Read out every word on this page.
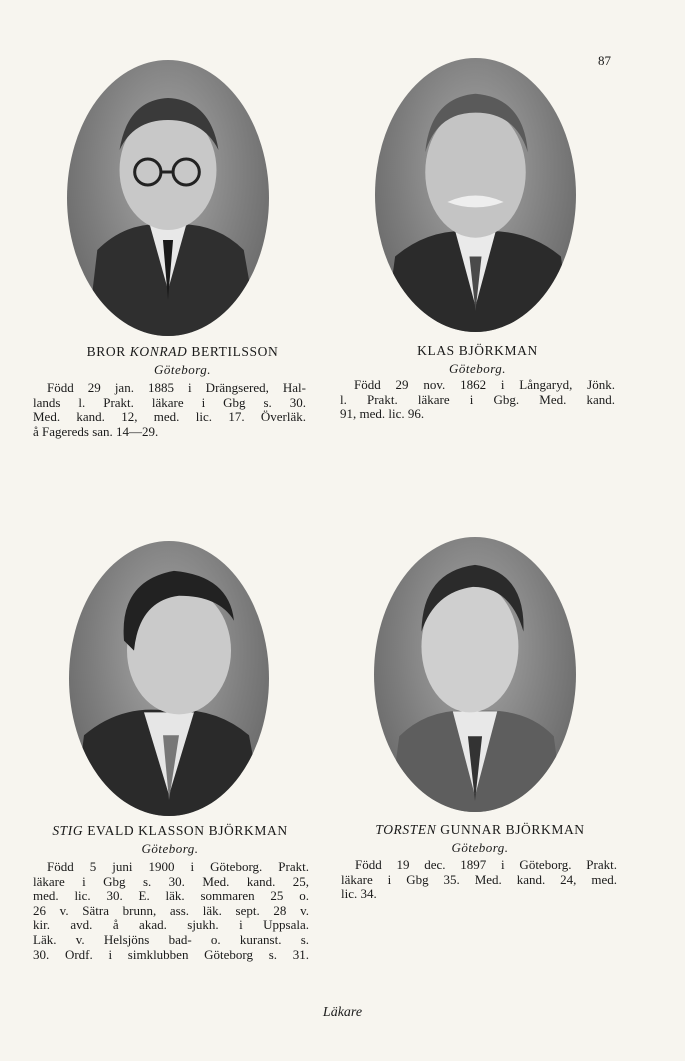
87
BROR KONRAD BERTILSSON
Göteborg.
Född 29 jan. 1885 i Drängsered, Hal-
lands l. Prakt. läkare i Gbg s. 30.
Med. kand. 12, med. lic. 17. Överläk.
å Fagereds san. 14—29.
KLAS BJÖRKMAN
Göteborg.
Född 29 nov. 1862 i Långaryd, Jönk.
l. Prakt. läkare i Gbg. Med. kand.
91, med. lic. 96.
STIG EVALD KLASSON BJÖRKMAN
Göteborg.
Född 5 juni 1900 i Göteborg. Prakt.
läkare i Gbg s. 30. Med. kand. 25,
med. lic. 30. E. läk. sommaren 25 o.
26 v. Sätra brunn, ass. läk. sept. 28 v.
kir. avd. å akad. sjukh. i Uppsala.
Läk. v. Helsjöns bad- o. kuranst. s.
30. Ordf. i simklubben Göteborg s. 31.
TORSTEN GUNNAR BJÖRKMAN
Göteborg.
Född 19 dec. 1897 i Göteborg. Prakt.
läkare i Gbg 35. Med. kand. 24, med.
lic. 34.
Läkare
